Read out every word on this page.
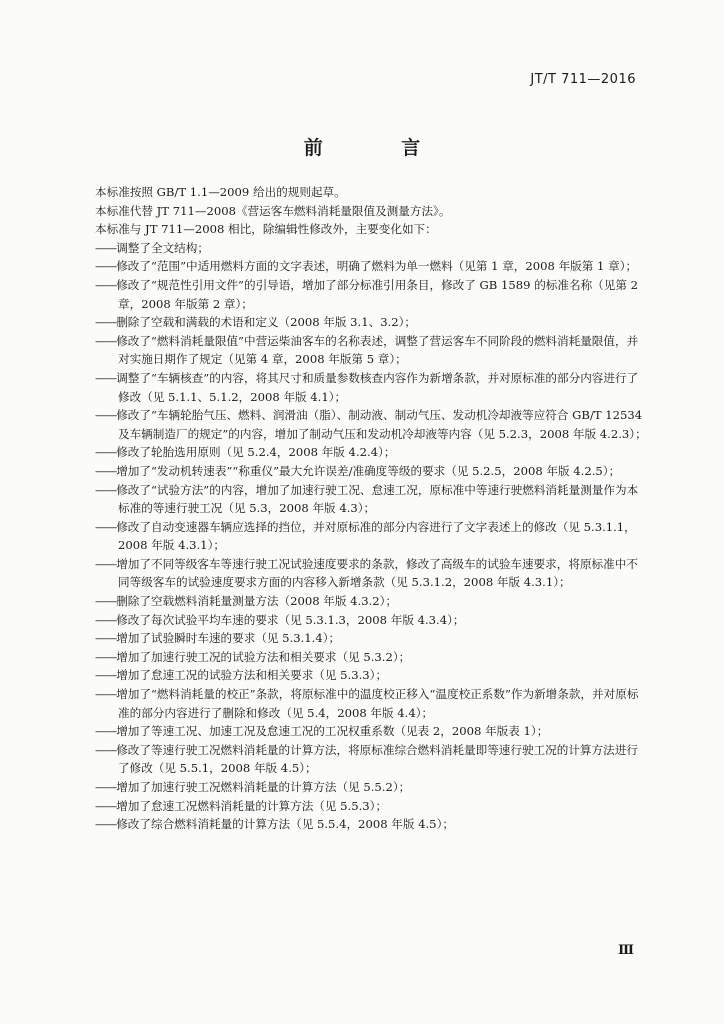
JT/T 711—2016
前 言

本标准按照 GB/T 1.1—2009 给出的规则起草。

本标准代替 JT 711—2008《营运客车燃料消耗量限值及测量方法》。

本标准与 JT 711—2008 相比，除编辑性修改外，主要变化如下：

——调整了全文结构；

——修改了“范围”中适用燃料方面的文字表述，明确了燃料为单一燃料（见第 1 章，2008 年版第 1 章）；

——修改了“规范性引用文件”的引导语，增加了部分标准引用条目，修改了 GB 1589 的标准名称（见第 2 章，2008 年版第 2 章）；

——删除了空载和满载的术语和定义（2008 年版 3.1、3.2）；

——修改了“燃料消耗量限值”中营运柴油客车的名称表述，调整了营运客车不同阶段的燃料消耗量限值，并对实施日期作了规定（见第 4 章，2008 年版第 5 章）；

——调整了“车辆核查”的内容，将其尺寸和质量参数核查内容作为新增条款，并对原标准的部分内容进行了修改（见 5.1.1、5.1.2，2008 年版 4.1）；

——修改了“车辆轮胎气压、燃料、润滑油（脂）、制动液、制动气压、发动机冷却液等应符合 GB/T 12534 及车辆制造厂的规定”的内容，增加了制动气压和发动机冷却液等内容（见 5.2.3，2008 年版 4.2.3）；

——修改了轮胎选用原则（见 5.2.4，2008 年版 4.2.4）；

——增加了“发动机转速表”“称重仪”最大允许误差/准确度等级的要求（见 5.2.5，2008 年版 4.2.5）；

——修改了“试验方法”的内容，增加了加速行驶工况、怠速工况，原标准中等速行驶燃料消耗量测量作为本标准的等速行驶工况（见 5.3，2008 年版 4.3）；

——修改了自动变速器车辆应选择的挡位，并对原标准的部分内容进行了文字表述上的修改（见 5.3.1.1，2008 年版 4.3.1）；

——增加了不同等级客车等速行驶工况试验速度要求的条款，修改了高级车的试验车速要求，将原标准中不同等级客车的试验速度要求方面的内容移入新增条款（见 5.3.1.2，2008 年版 4.3.1）；

——删除了空载燃料消耗量测量方法（2008 年版 4.3.2）；

——修改了每次试验平均车速的要求（见 5.3.1.3，2008 年版 4.3.4）；

——增加了试验瞬时车速的要求（见 5.3.1.4）；

——增加了加速行驶工况的试验方法和相关要求（见 5.3.2）；

——增加了怠速工况的试验方法和相关要求（见 5.3.3）；

——增加了“燃料消耗量的校正”条款，将原标准中的温度校正移入“温度校正系数”作为新增条款，并对原标准的部分内容进行了删除和修改（见 5.4，2008 年版 4.4）；

——增加了等速工况、加速工况及怠速工况的工况权重系数（见表 2，2008 年版表 1）；

——修改了等速行驶工况燃料消耗量的计算方法，将原标准综合燃料消耗量即等速行驶工况的计算方法进行了修改（见 5.5.1，2008 年版 4.5）；

——增加了加速行驶工况燃料消耗量的计算方法（见 5.5.2）；

——增加了怠速工况燃料消耗量的计算方法（见 5.5.3）；

——修改了综合燃料消耗量的计算方法（见 5.5.4，2008 年版 4.5）；

Ⅲ
